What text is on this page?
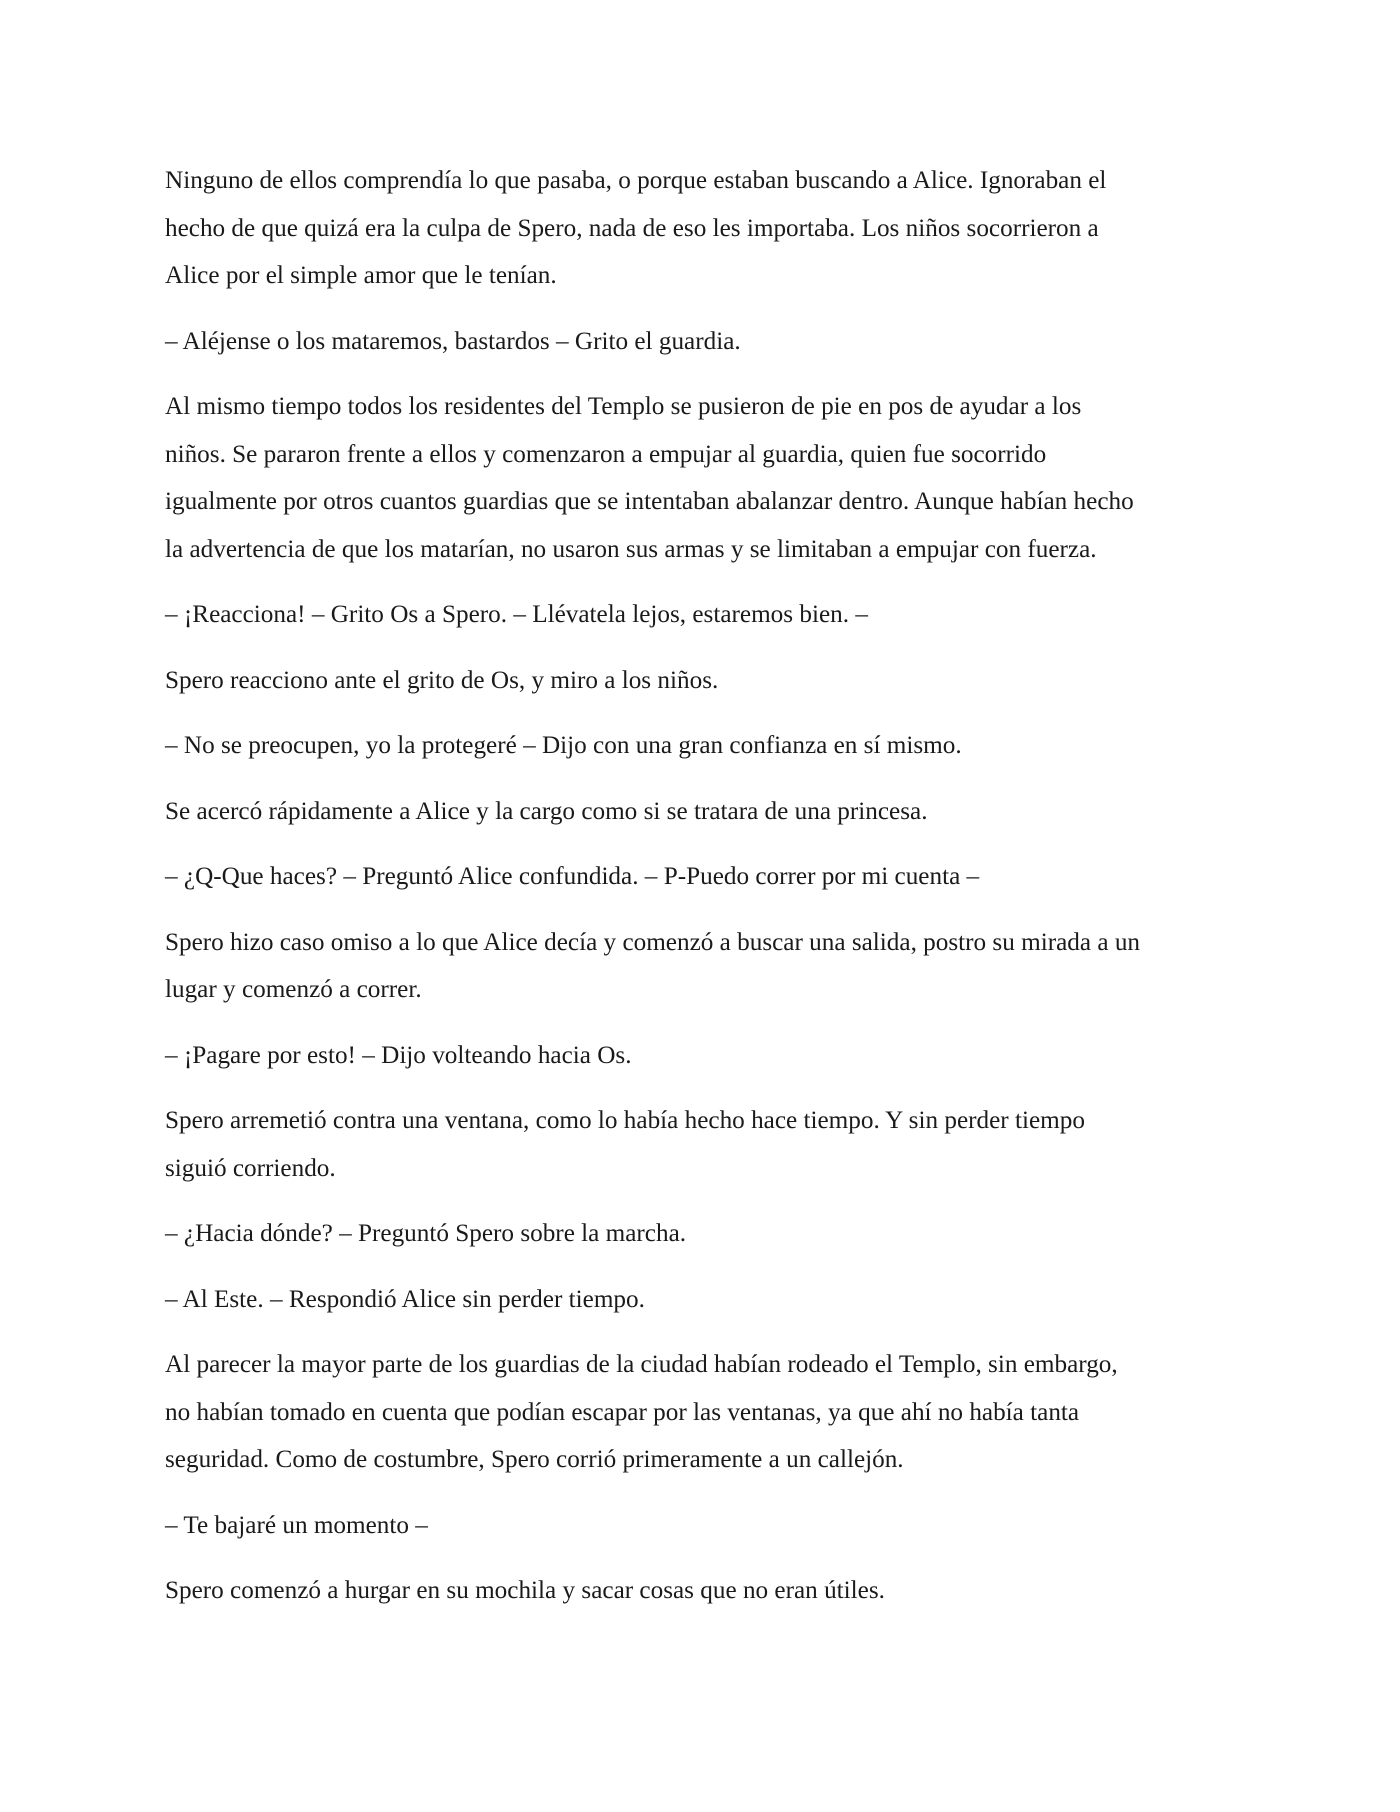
Ninguno de ellos comprendía lo que pasaba, o porque estaban buscando a Alice. Ignoraban el
hecho de que quizá era la culpa de Spero, nada de eso les importaba. Los niños socorrieron a
Alice por el simple amor que le tenían.

– Aléjense o los mataremos, bastardos – Grito el guardia.

Al mismo tiempo todos los residentes del Templo se pusieron de pie en pos de ayudar a los
niños. Se pararon frente a ellos y comenzaron a empujar al guardia, quien fue socorrido
igualmente por otros cuantos guardias que se intentaban abalanzar dentro. Aunque habían hecho
la advertencia de que los matarían, no usaron sus armas y se limitaban a empujar con fuerza.

– ¡Reacciona! – Grito Os a Spero. – Llévatela lejos, estaremos bien. –

Spero reacciono ante el grito de Os, y miro a los niños.

– No se preocupen, yo la protegeré – Dijo con una gran confianza en sí mismo.

Se acercó rápidamente a Alice y la cargo como si se tratara de una princesa.

– ¿Q-Que haces? – Preguntó Alice confundida. – P-Puedo correr por mi cuenta –

Spero hizo caso omiso a lo que Alice decía y comenzó a buscar una salida, postro su mirada a un
lugar y comenzó a correr.

– ¡Pagare por esto! – Dijo volteando hacia Os.

Spero arremetió contra una ventana, como lo había hecho hace tiempo. Y sin perder tiempo
siguió corriendo.

– ¿Hacia dónde? – Preguntó Spero sobre la marcha.

– Al Este. – Respondió Alice sin perder tiempo.

Al parecer la mayor parte de los guardias de la ciudad habían rodeado el Templo, sin embargo,
no habían tomado en cuenta que podían escapar por las ventanas, ya que ahí no había tanta
seguridad. Como de costumbre, Spero corrió primeramente a un callejón.

– Te bajaré un momento –

Spero comenzó a hurgar en su mochila y sacar cosas que no eran útiles.
